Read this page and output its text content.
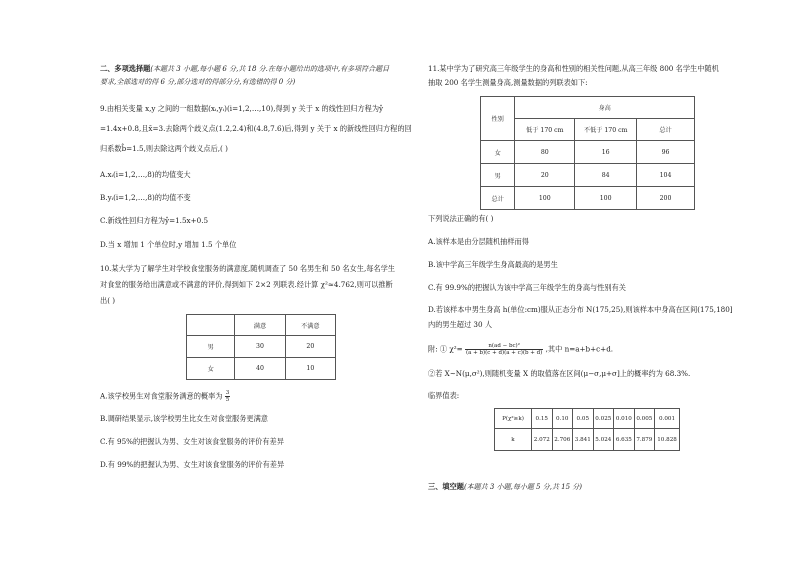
二、多项选择题(本题共 3 小题,每小题 6 分,共 18 分.在每小题给出的选项中,有多项符合题目
要求,全部选对的得 6 分,部分选对的得部分分,有选错的得 0 分)
9.由相关变量 x,y 之间的一组数据(xᵢ,yᵢ)(i=1,2,…,10),得到 y 关于 x 的线性回归方程为ŷ
=1.4x+0.8,且x̄=3.去除两个歧义点(1.2,2.4)和(4.8,7.6)后,得到 y 关于 x 的新线性回归方程的回
归系数b̂=1.5,则去除这两个歧义点后,( )
A.xᵢ(i=1,2,…,8)的均值变大
B.yᵢ(i=1,2,…,8)的均值不变
C.新线性回归方程为ŷ=1.5x+0.5
D.当 x 增加 1 个单位时,y 增加 1.5 个单位
10.某大学为了解学生对学校食堂服务的满意度,随机调查了 50 名男生和 50 名女生,每名学生
对食堂的服务给出满意或不满意的评价,得到如下 2×2 列联表.经计算 χ²≈4.762,则可以推断
出( )
	满意	不满意
男	30	20
女	40	10
A.该学校男生对食堂服务满意的概率为 $\frac{3}{5}$
B.调研结果显示,该学校男生比女生对食堂服务更满意
C.有 95%的把握认为男、女生对该食堂服务的评价有差异
D.有 99%的把握认为男、女生对该食堂服务的评价有差异
11.某中学为了研究高三年级学生的身高和性别的相关性问题,从高三年级 800 名学生中随机
抽取 200 名学生测量身高,测量数据的列联表如下:
性别	身高		
	低于 170 cm	不低于 170 cm	总计
女	80	16	96
男	20	84	104
总计	100	100	200
下列说法正确的有( )
A.该样本是由分层随机抽样而得
B.该中学高三年级学生身高最高的是男生
C.有 99.9%的把握认为该中学高三年级学生的身高与性别有关
D.若该样本中男生身高 h(单位:cm)服从正态分布 N(175,25),则该样本中身高在区间(175,180]
内的男生超过 30 人
附: ① $\chi^2= \frac{\text{n(ad − bc)²}}{(a + b)(c + d)(a + c)(b + d)}$ ,其中 n=a+b+c+d.
②若 X~N(μ,σ²),则随机变量 X 的取值落在区间(μ−σ,μ+σ]上的概率约为 68.3%.
临界值表:
P(χ²≥k)	0.15	0.10	0.05	0.025	0.010	0.005	0.001
k	2.072	2.706	3.841	5.024	6.635	7.879	10.828
三、填空题(本题共 3 小题,每小题 5 分,共 15 分)
